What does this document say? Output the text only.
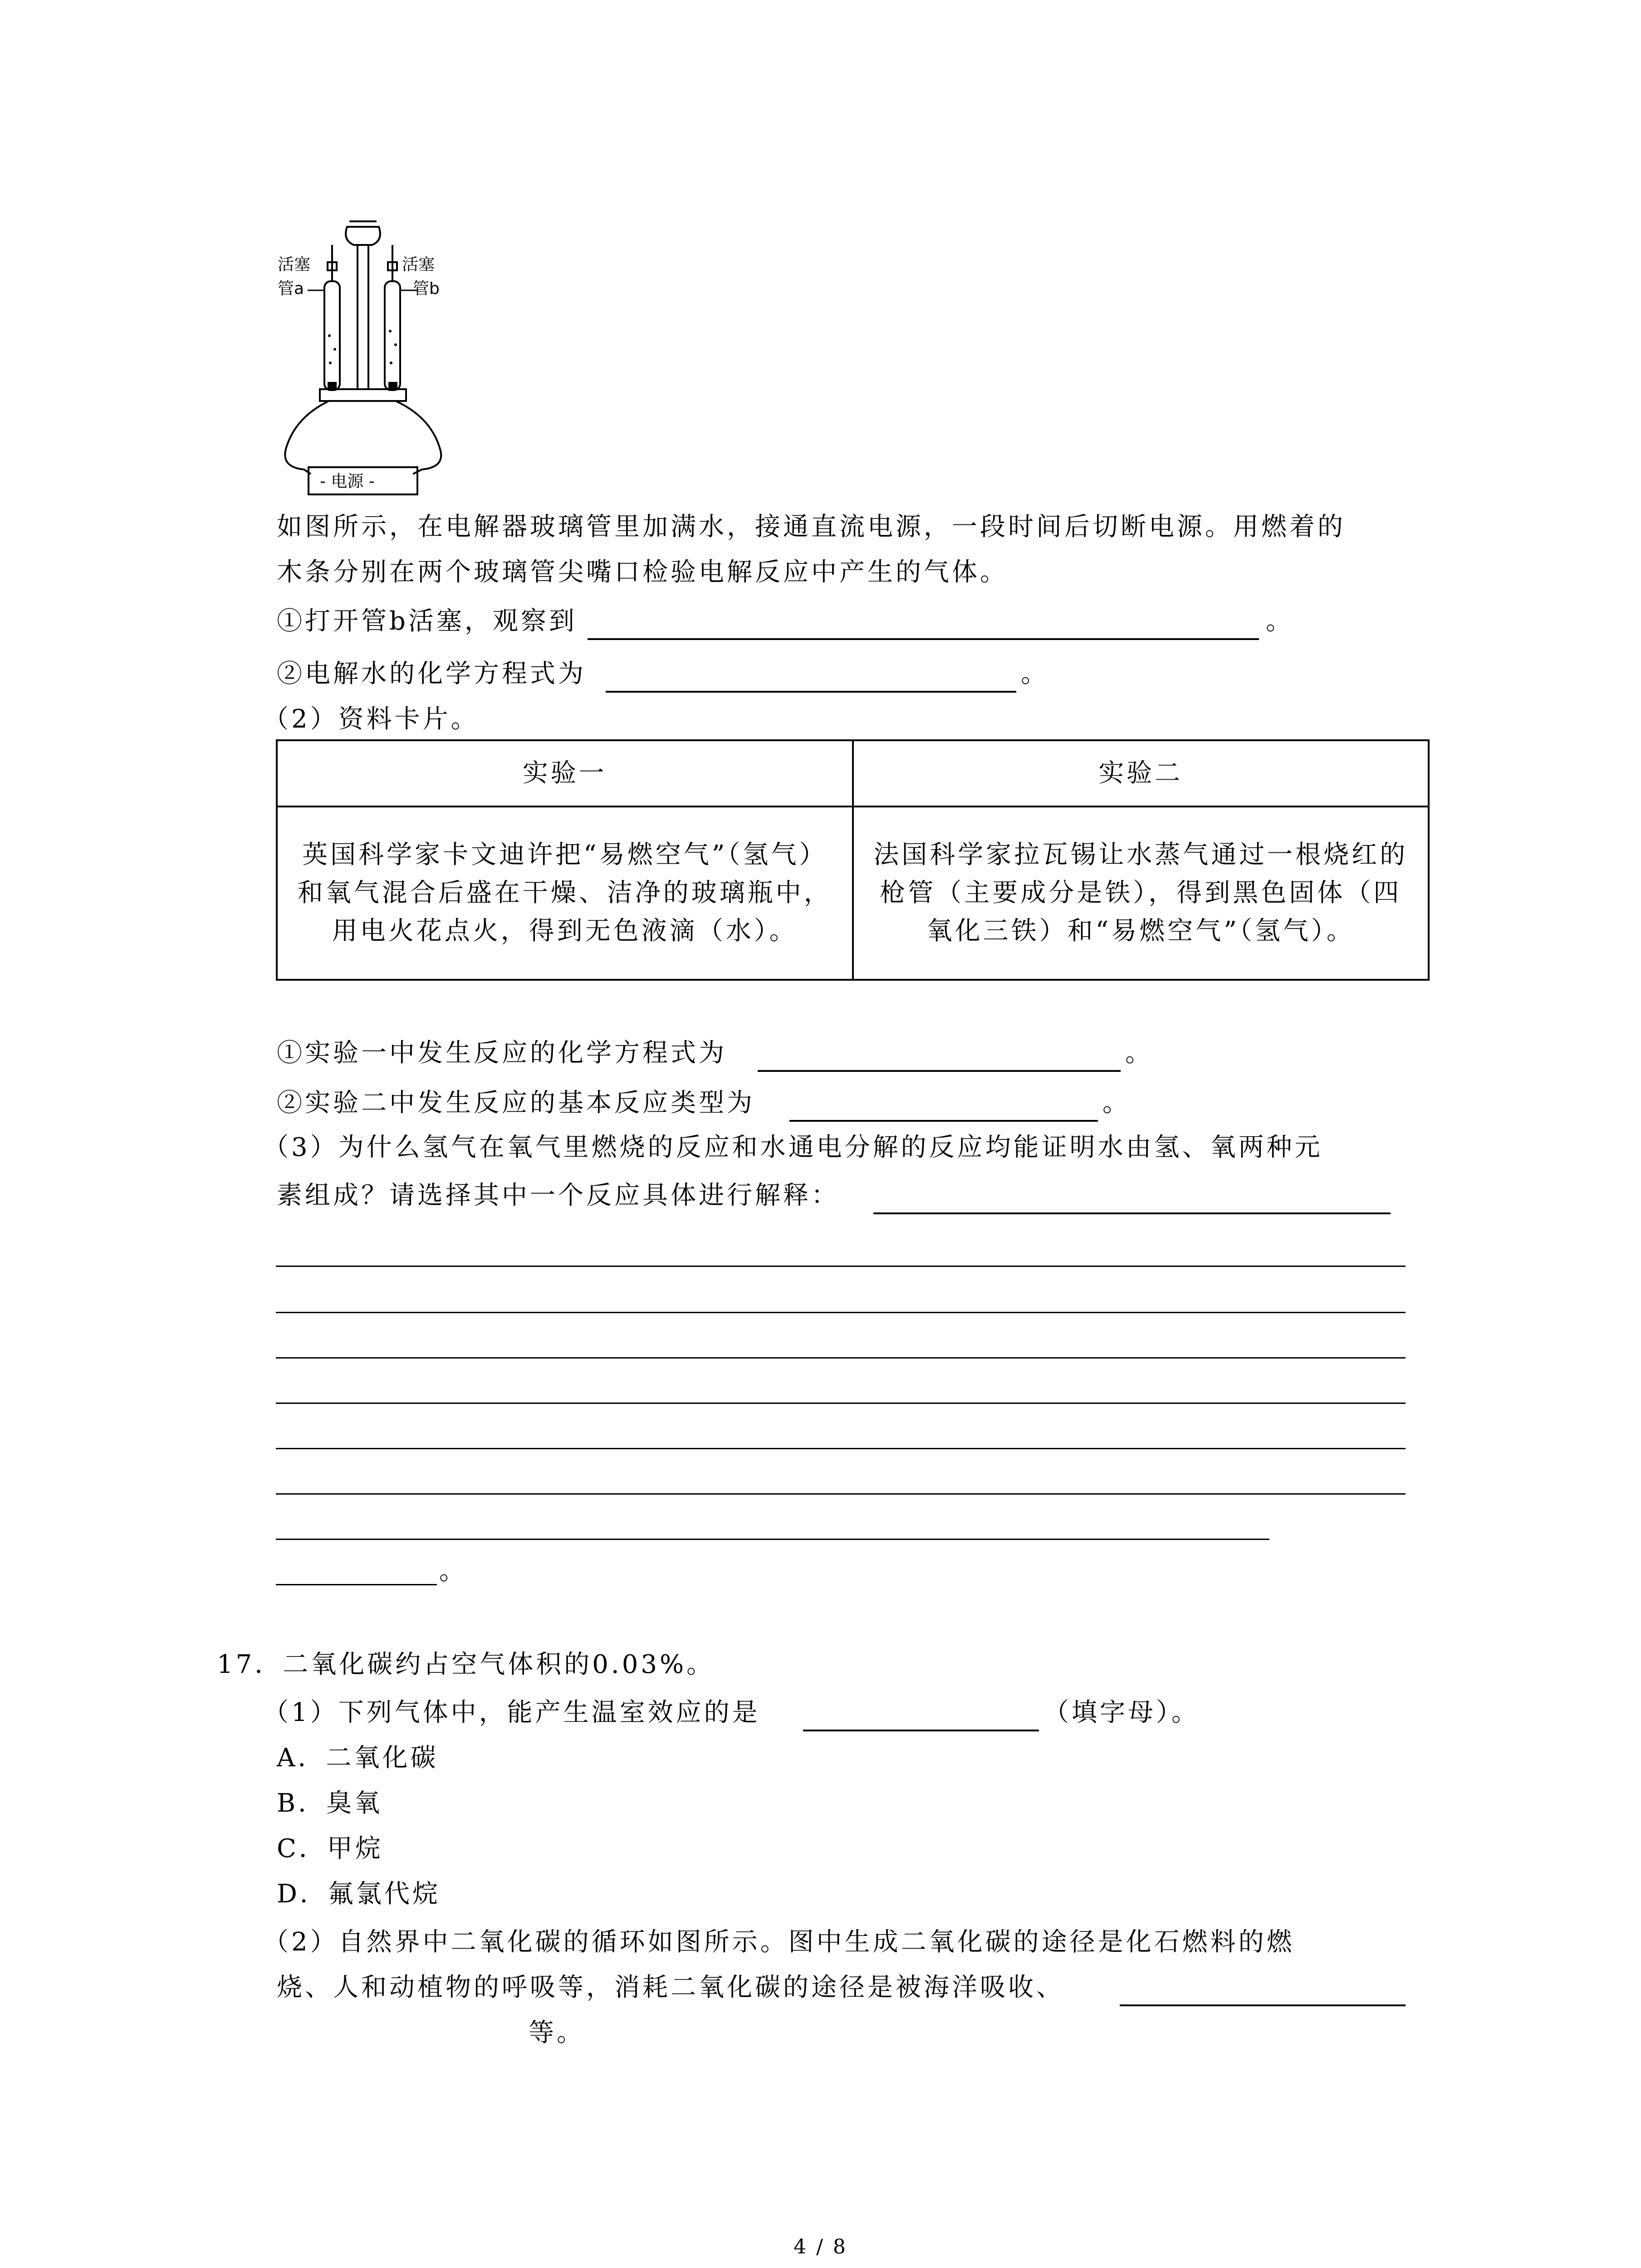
活塞
管a
活塞
管b
- 电源 -
如图所示，在电解器玻璃管里加满水，接通直流电源，一段时间后切断电源。用燃着的
木条分别在两个玻璃管尖嘴口检验电解反应中产生的气体。
①打开管b活塞，观察到	。
②电解水的化学方程式为	。
（2）资料卡片。
实验一	实验二
英国科学家卡文迪许把“易燃空气”（氢气）和氧气混合后盛在干燥、洁净的玻璃瓶中，用电火花点火，得到无色液滴（水）。	法国科学家拉瓦锡让水蒸气通过一根烧红的枪管（主要成分是铁），得到黑色固体（四氧化三铁）和“易燃空气”（氢气）。
①实验一中发生反应的化学方程式为	。
②实验二中发生反应的基本反应类型为	。
（3）为什么氢气在氧气里燃烧的反应和水通电分解的反应均能证明水由氢、氧两种元
素组成？请选择其中一个反应具体进行解释：
。
17．二氧化碳约占空气体积的0.03%。
（1）下列气体中，能产生温室效应的是	（填字母）。
A．二氧化碳
B．臭氧
C．甲烷
D．氟氯代烷
（2）自然界中二氧化碳的循环如图所示。图中生成二氧化碳的途径是化石燃料的燃
烧、人和动植物的呼吸等，消耗二氧化碳的途径是被海洋吸收、
等。
4 / 8
